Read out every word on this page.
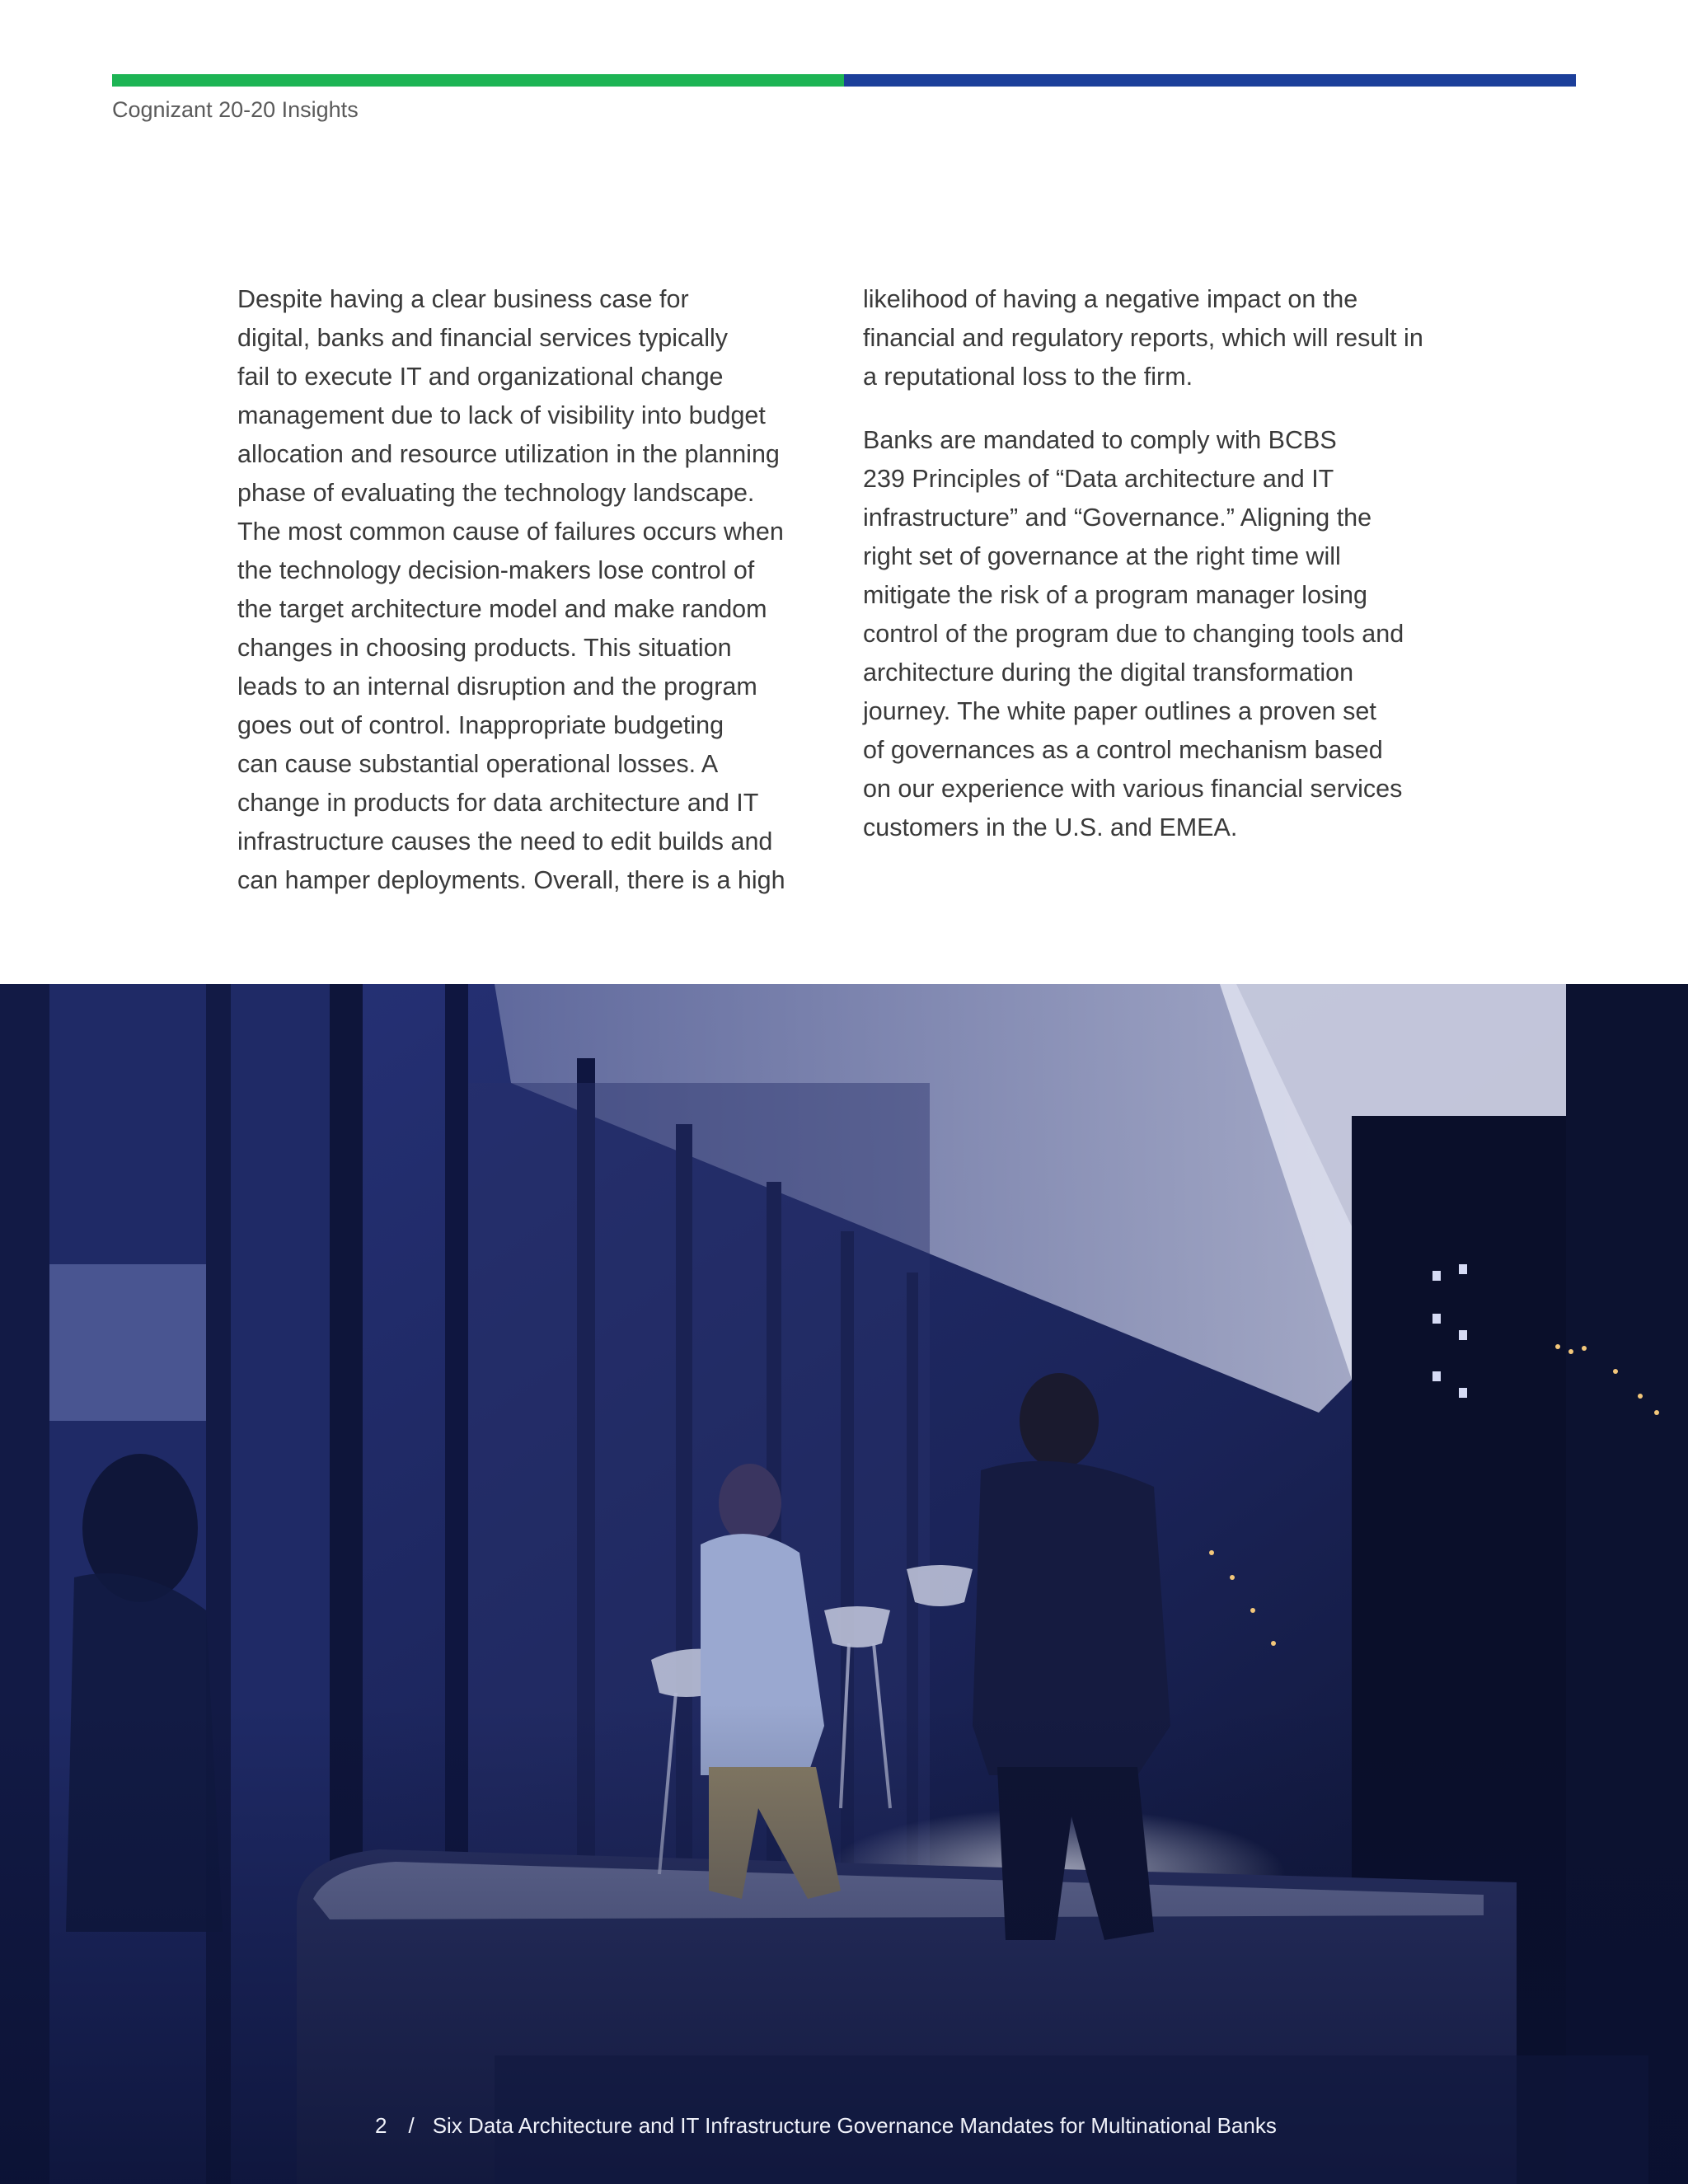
Cognizant 20-20 Insights
Despite having a clear business case for
digital, banks and financial services typically
fail to execute IT and organizational change
management due to lack of visibility into budget
allocation and resource utilization in the planning
phase of evaluating the technology landscape.
The most common cause of failures occurs when
the technology decision-makers lose control of
the target architecture model and make random
changes in choosing products. This situation
leads to an internal disruption and the program
goes out of control. Inappropriate budgeting
can cause substantial operational losses. A
change in products for data architecture and IT
infrastructure causes the need to edit builds and
can hamper deployments. Overall, there is a high
likelihood of having a negative impact on the
financial and regulatory reports, which will result in
a reputational loss to the firm.
Banks are mandated to comply with BCBS
239 Principles of “Data architecture and IT
infrastructure” and “Governance.” Aligning the
right set of governance at the right time will
mitigate the risk of a program manager losing
control of the program due to changing tools and
architecture during the digital transformation
journey. The white paper outlines a proven set
of governances as a control mechanism based
on our experience with various financial services
customers in the U.S. and EMEA.
2 / Six Data Architecture and IT Infrastructure Governance Mandates for Multinational Banks
